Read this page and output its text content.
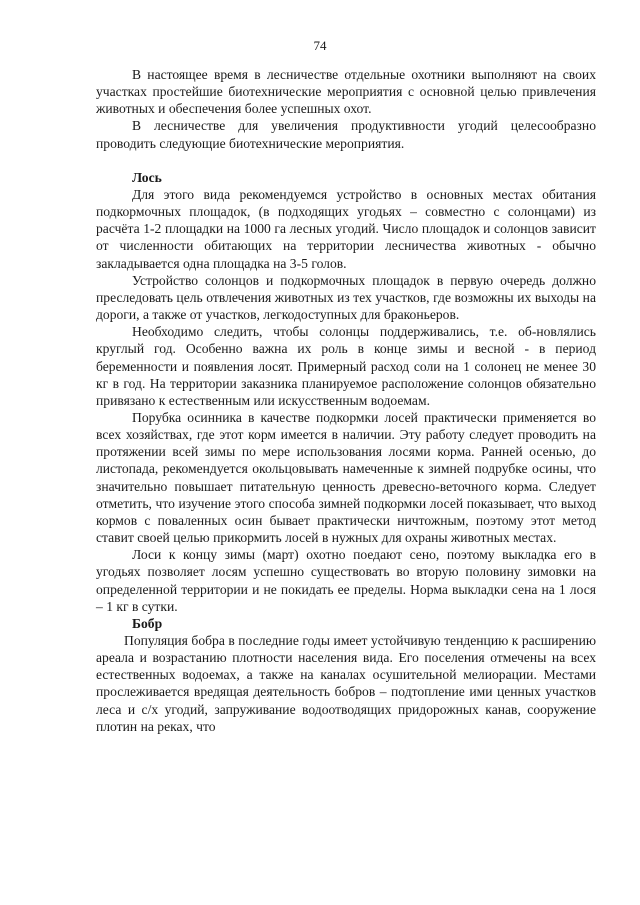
74

В настоящее время в лесничестве отдельные охотники выполняют на своих участках простейшие биотехнические мероприятия с основной целью привлечения животных и обеспечения более успешных охот.

В лесничестве для увеличения продуктивности угодий целесообразно проводить следующие биотехнические мероприятия.

Лось

Для этого вида рекомендуемся устройство в основных местах обитания подкормочных площадок, (в подходящих угодьях – совместно с солонцами) из расчёта 1-2 площадки на 1000 га лесных угодий. Число площадок и солонцов зависит от численности обитающих на территории лесничества животных - обычно закладывается одна площадка на 3-5 голов.

Устройство солонцов и подкормочных площадок в первую очередь должно преследовать цель отвлечения животных из тех участков, где возможны их выходы на дороги, а также от участков, легкодоступных для браконьеров.

Необходимо следить, чтобы солонцы поддерживались, т.е. об-новлялись круглый год. Особенно важна их роль в конце зимы и весной - в период беременности и появления лосят. Примерный расход соли на 1 солонец не менее 30 кг в год. На территории заказника планируемое расположение солонцов обязательно привязано к естественным или искусственным водоемам.

Порубка осинника в качестве подкормки лосей практически применяется во всех хозяйствах, где этот корм имеется в наличии. Эту работу следует проводить на протяжении всей зимы по мере использования лосями корма. Ранней осенью, до листопада, рекомендуется окольцовывать намеченные к зимней подрубке осины, что значительно повышает питательную ценность древесно-веточного корма. Следует отметить, что изучение этого способа зимней подкормки лосей показывает, что выход кормов с поваленных осин бывает практически ничтожным, поэтому этот метод ставит своей целью прикормить лосей в нужных для охраны животных местах.

Лоси к концу зимы (март) охотно поедают сено, поэтому выкладка его в угодьях позволяет лосям успешно существовать во вторую половину зимовки на определенной территории и не покидать ее пределы. Норма выкладки сена на 1 лося – 1 кг в сутки.

Бобр

Популяция бобра в последние годы имеет устойчивую тенденцию к расширению ареала и возрастанию плотности населения вида. Его поселения отмечены на всех естественных водоемах, а также на каналах осушительной мелиорации. Местами прослеживается вредящая деятельность бобров – подтопление ими ценных участков леса и с/х угодий, запруживание водоотводящих придорожных канав, сооружение плотин на реках, что
